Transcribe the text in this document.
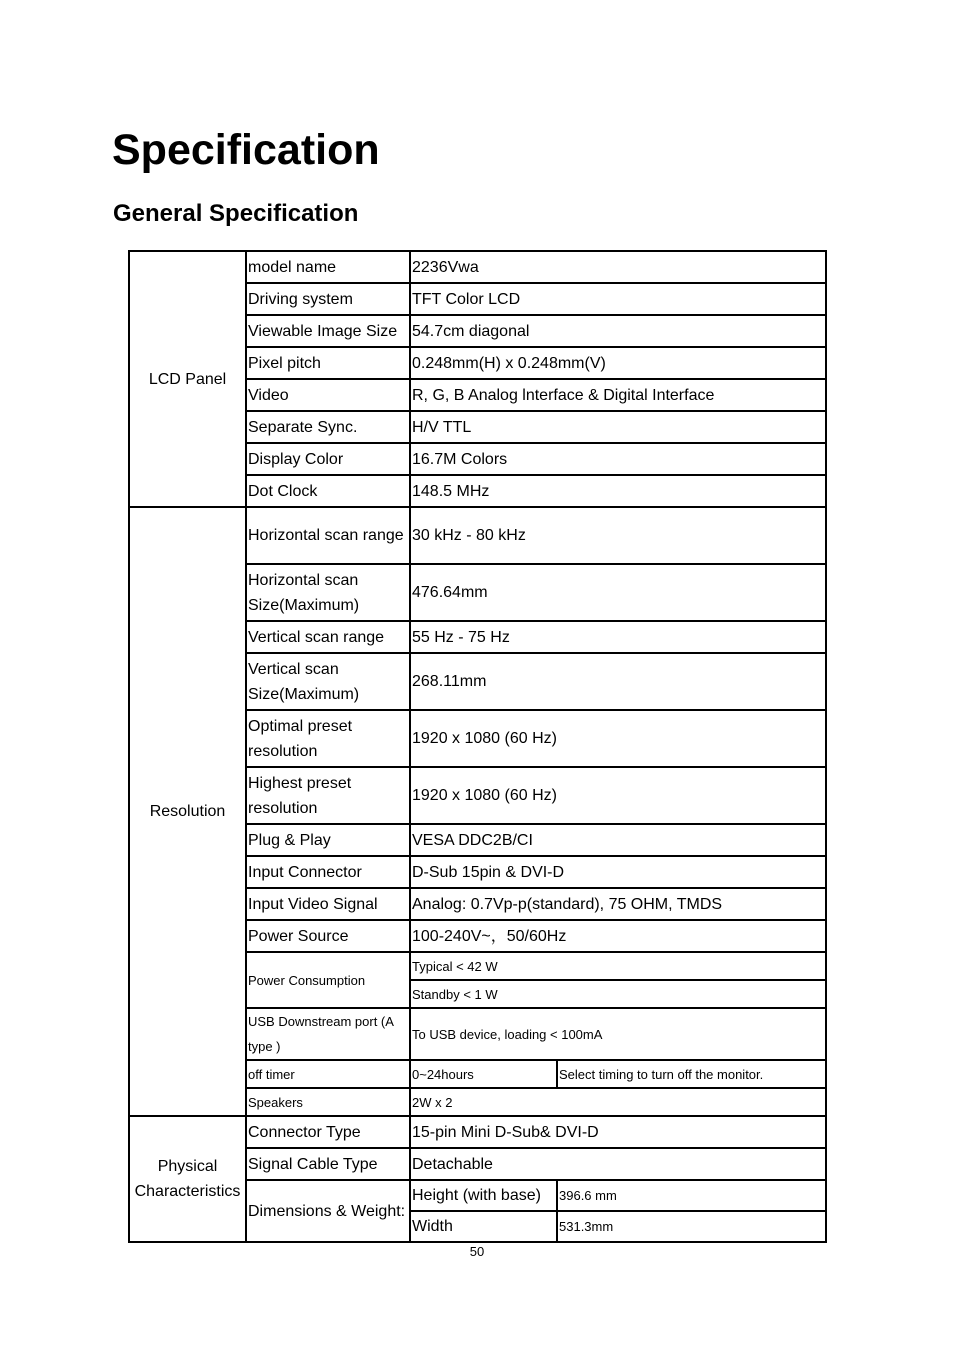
Specification
General Specification
LCD Panel	model name	2236Vwa	
	Driving system	TFT Color LCD	
	Viewable Image Size	54.7cm diagonal	
	Pixel pitch	0.248mm(H) x 0.248mm(V)	
	Video	R, G, B Analog lnterface & Digital Interface	
	Separate Sync.	H/V TTL	
	Display Color	16.7M Colors	
	Dot Clock	148.5 MHz	
Resolution	Horizontal scan range	30 kHz - 80 kHz	
	Horizontal scan Size(Maximum)	476.64mm	
	Vertical scan range	55 Hz - 75 Hz	
	Vertical scan Size(Maximum)	268.11mm	
	Optimal preset resolution	1920 x 1080 (60 Hz)	
	Highest preset resolution	1920 x 1080 (60 Hz)	
	Plug & Play	VESA DDC2B/CI	
	Input Connector	D-Sub 15pin & DVI-D	
	Input Video Signal	Analog: 0.7Vp-p(standard), 75 OHM, TMDS	
	Power Source	100-240V~，50/60Hz	
	Power Consumption	Typical < 42 W	
		Standby < 1 W	
	USB Downstream port (A type )	To USB device, loading < 100mA	
	off timer	0~24hours	Select timing to turn off the monitor.
	Speakers	2W x 2	

Physical Characteristics	Connector Type	15-pin Mini D-Sub& DVI-D	
	Signal Cable Type	Detachable	
	Dimensions & Weight:	Height (with base)	396.6 mm
		Width	531.3mm
50
